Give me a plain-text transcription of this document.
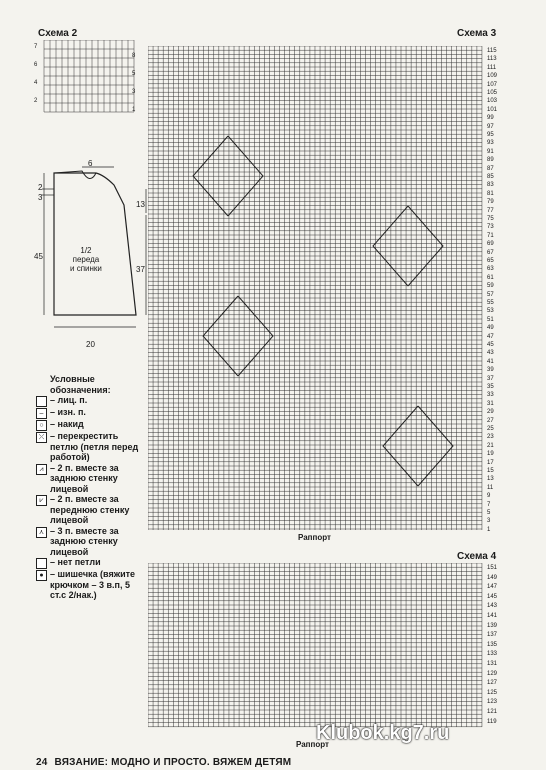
Схема 2
6
2
3
45
13
37
20
1/2
переда
и спинки
Условные обозначения:
– лиц. п.
– – изн. п.
○ – накид
⤫ – перекрестить петлю (петля перед работой)
⩘ – 2 п. вместе за заднюю стенку лицевой
⩗ – 2 п. вместе за переднюю стенку лицевой
⋏ – 3 п. вместе за заднюю стенку лицевой
– нет петли
● – шишечка (вяжите крючком – 3 в.п, 5 ст.с 2/нак.)
Схема 3
115
113
111
109
107
105
103
101
99
97
95
93
91
89
87
85
83
81
79
77
75
73
71
69
67
65
63
61
59
57
55
53
51
49
47
45
43
41
39
37
35
33
31
29
27
25
23
21
19
17
15
13
11
9
7
5
3
1
Раппорт
Схема 4
151
149
147
145
143
141
139
137
135
133
131
129
127
125
123
121
119
Раппорт
Klubok.kg7.ru
24 ВЯЗАНИЕ: МОДНО И ПРОСТО. ВЯЖЕМ ДЕТЯМ
7
8
6
5
4
3
2
1
